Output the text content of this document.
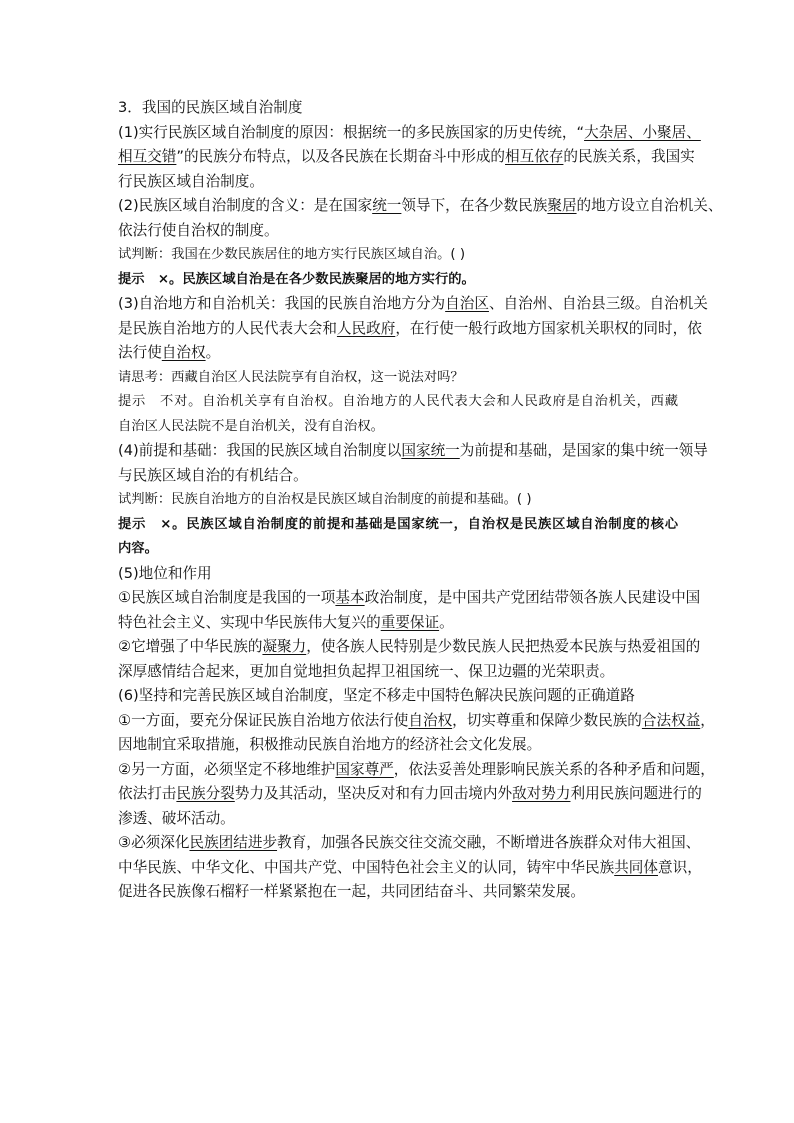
3．我国的民族区域自治制度
(1)实行民族区域自治制度的原因：根据统一的多民族国家的历史传统，“大杂居、小聚居、
相互交错”的民族分布特点，以及各民族在长期奋斗中形成的相互依存的民族关系，我国实
行民族区域自治制度。
(2)民族区域自治制度的含义：是在国家统一领导下，在各少数民族聚居的地方设立自治机关、
依法行使自治权的制度。
试判断：我国在少数民族居住的地方实行民族区域自治。( )
提示　×。民族区域自治是在各少数民族聚居的地方实行的。
(3)自治地方和自治机关：我国的民族自治地方分为自治区、自治州、自治县三级。自治机关
是民族自治地方的人民代表大会和人民政府，在行使一般行政地方国家机关职权的同时，依
法行使自治权。
请思考：西藏自治区人民法院享有自治权，这一说法对吗？
提示　不对。自治机关享有自治权。自治地方的人民代表大会和人民政府是自治机关，西藏
自治区人民法院不是自治机关，没有自治权。
(4)前提和基础：我国的民族区域自治制度以国家统一为前提和基础，是国家的集中统一领导
与民族区域自治的有机结合。
试判断：民族自治地方的自治权是民族区域自治制度的前提和基础。( )
提示　×。民族区域自治制度的前提和基础是国家统一，自治权是民族区域自治制度的核心
内容。
(5)地位和作用
①民族区域自治制度是我国的一项基本政治制度，是中国共产党团结带领各族人民建设中国
特色社会主义、实现中华民族伟大复兴的重要保证。
②它增强了中华民族的凝聚力，使各族人民特别是少数民族人民把热爱本民族与热爱祖国的
深厚感情结合起来，更加自觉地担负起捍卫祖国统一、保卫边疆的光荣职责。
(6)坚持和完善民族区域自治制度，坚定不移走中国特色解决民族问题的正确道路
①一方面，要充分保证民族自治地方依法行使自治权，切实尊重和保障少数民族的合法权益，
因地制宜采取措施，积极推动民族自治地方的经济社会文化发展。
②另一方面，必须坚定不移地维护国家尊严，依法妥善处理影响民族关系的各种矛盾和问题，
依法打击民族分裂势力及其活动，坚决反对和有力回击境内外敌对势力利用民族问题进行的
渗透、破坏活动。
③必须深化民族团结进步教育，加强各民族交往交流交融，不断增进各族群众对伟大祖国、
中华民族、中华文化、中国共产党、中国特色社会主义的认同，铸牢中华民族共同体意识，
促进各民族像石榴籽一样紧紧抱在一起，共同团结奋斗、共同繁荣发展。
